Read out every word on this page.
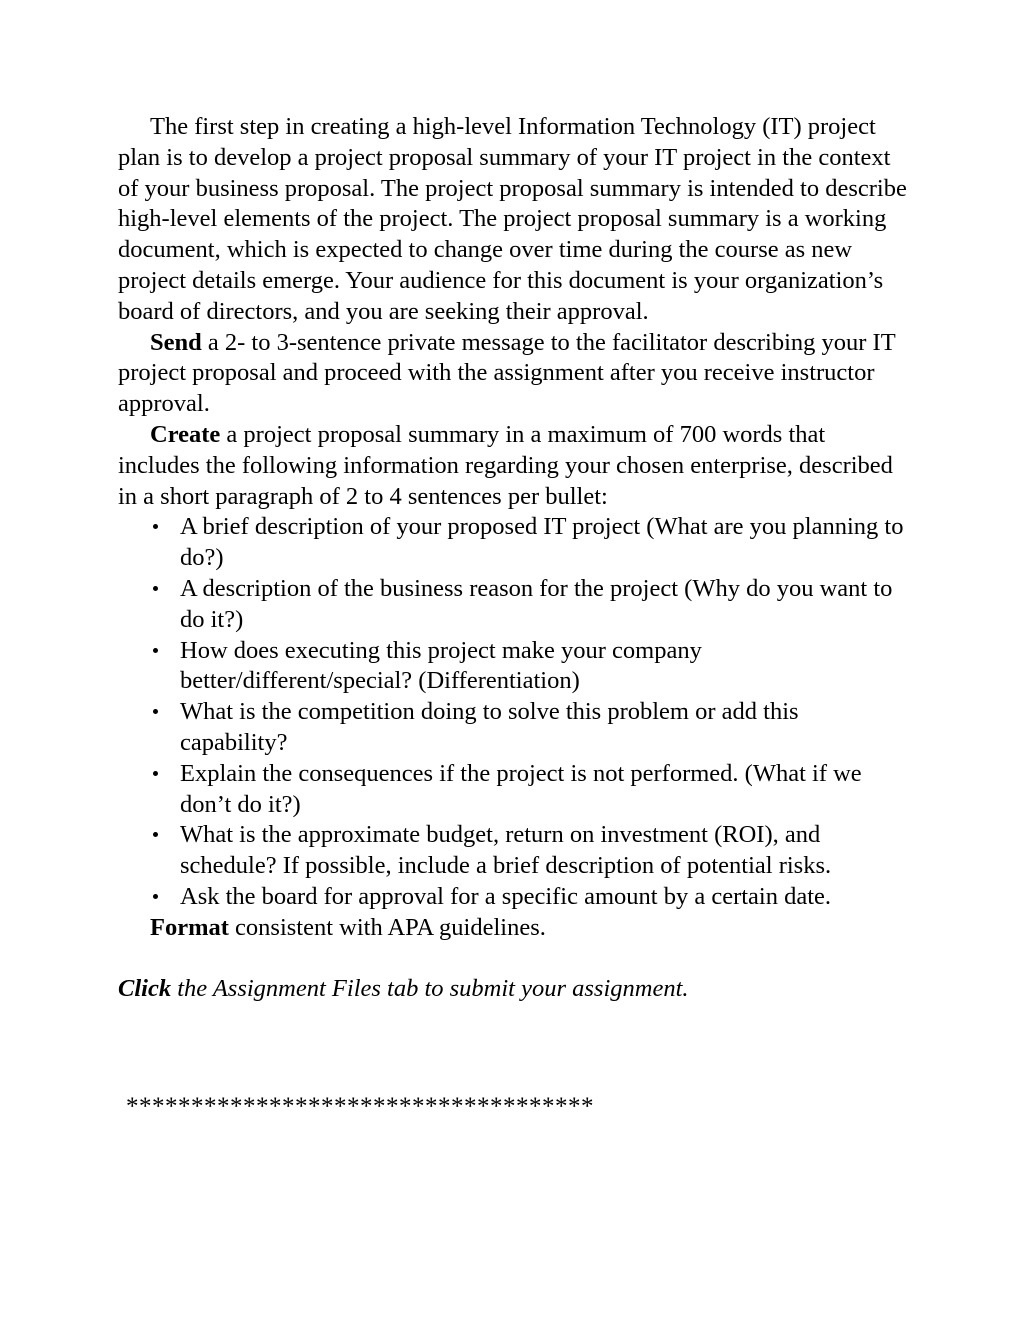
The first step in creating a high-level Information Technology (IT) project plan is to develop a project proposal summary of your IT project in the context of your business proposal. The project proposal summary is intended to describe high-level elements of the project. The project proposal summary is a working document, which is expected to change over time during the course as new project details emerge. Your audience for this document is your organization’s board of directors, and you are seeking their approval.

Send a 2- to 3-sentence private message to the facilitator describing your IT project proposal and proceed with the assignment after you receive instructor approval.

Create a project proposal summary in a maximum of 700 words that includes the following information regarding your chosen enterprise, described in a short paragraph of 2 to 4 sentences per bullet:

A brief description of your proposed IT project (What are you planning to do?)
A description of the business reason for the project (Why do you want to do it?)
How does executing this project make your company better/different/special? (Differentiation)
What is the competition doing to solve this problem or add this capability?
Explain the consequences if the project is not performed. (What if we don’t do it?)
What is the approximate budget, return on investment (ROI), and schedule? If possible, include a brief description of potential risks.
Ask the board for approval for a specific amount by a certain date.

Format consistent with APA guidelines.

Click the Assignment Files tab to submit your assignment.

************************************
